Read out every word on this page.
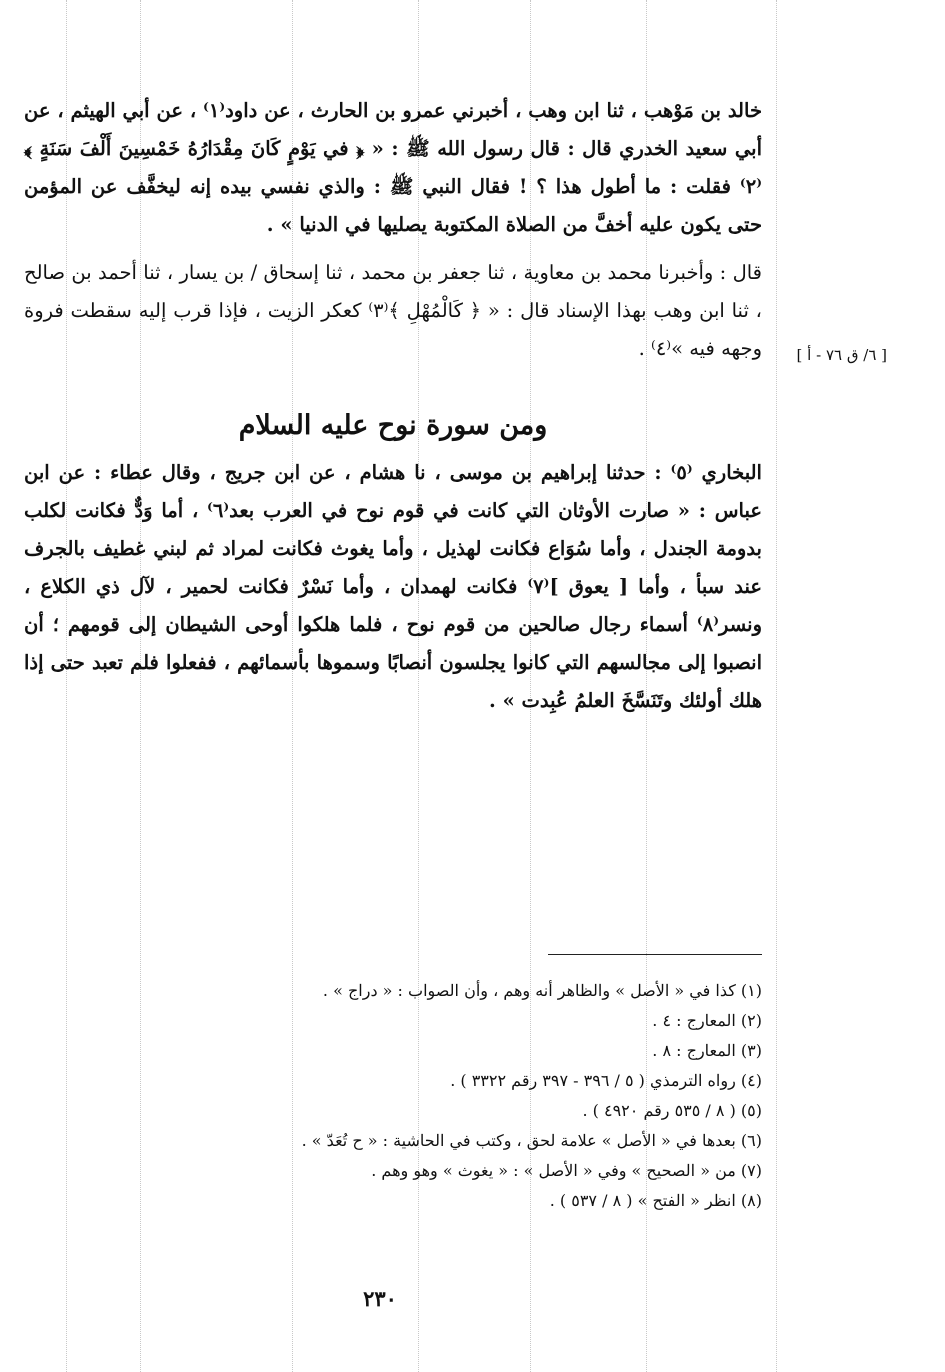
خالد بن مَوْهب ، ثنا ابن وهب ، أخبرني عمرو بن الحارث ، عن داود⁽١⁾ ، عن أبي الهيثم ، عن أبي سعيد الخدري قال : قال رسول الله ﷺ : « ﴿ في يَوْمٍ كَانَ مِقْدَارُهُ خَمْسِينَ أَلْفَ سَنَةٍ ﴾⁽٢⁾ فقلت : ما أطول هذا ؟ ! فقال النبي ﷺ : والذي نفسي بيده إنه ليخفَّف عن المؤمن حتى يكون عليه أخفَّ من الصلاة المكتوبة يصليها في الدنيا » .

قال : وأخبرنا محمد بن معاوية ، ثنا جعفر بن محمد ، ثنا إسحاق / بن يسار ، ثنا أحمد بن صالح ، ثنا ابن وهب بهذا الإسناد قال : « ﴿ كَالْمُهْلِ ﴾⁽٣⁾ كعكر الزيت ، فإذا قرب إليه سقطت فروة وجهه فيه »⁽٤⁾ .

ومن سورة نوح عليه السلام

البخاري ⁽٥⁾ : حدثنا إبراهيم بن موسى ، نا هشام ، عن ابن جريج ، وقال عطاء : عن ابن عباس : « صارت الأوثان التي كانت في قوم نوح في العرب بعد⁽٦⁾ ، أما وَدٌّ فكانت لكلب بدومة الجندل ، وأما سُوَاع فكانت لهذيل ، وأما يغوث فكانت لمراد ثم لبني غطيف بالجرف عند سبأ ، وأما [ يعوق ]⁽٧⁾ فكانت لهمدان ، وأما نَسْرٌ فكانت لحمير ، لآل ذي الكلاع ، ونسر⁽٨⁾ أسماء رجال صالحين من قوم نوح ، فلما هلكوا أوحى الشيطان إلى قومهم ؛ أن انصبوا إلى مجالسهم التي كانوا يجلسون أنصابًا وسموها بأسمائهم ، ففعلوا فلم تعبد حتى إذا هلك أولئك وتَنَسَّخَ العلمُ عُبِدت » .

[ ٦/ ق ٧٦ - أ ]

(١) كذا في « الأصل » والظاهر أنه وهم ، وأن الصواب : « دراج » .

(٢) المعارج : ٤ .

(٣) المعارج : ٨ .

(٤) رواه الترمذي ( ٥ / ٣٩٦ - ٣٩٧ رقم ٣٣٢٢ ) .

(٥) ( ٨ / ٥٣٥ رقم ٤٩٢٠ ) .

(٦) بعدها في « الأصل » علامة لحق ، وكتب في الحاشية : « ح تُعَدّ » .

(٧) من « الصحيح » وفي « الأصل » : « يغوث » وهو وهم .

(٨) انظر « الفتح » ( ٨ / ٥٣٧ ) .

٢٣٠
